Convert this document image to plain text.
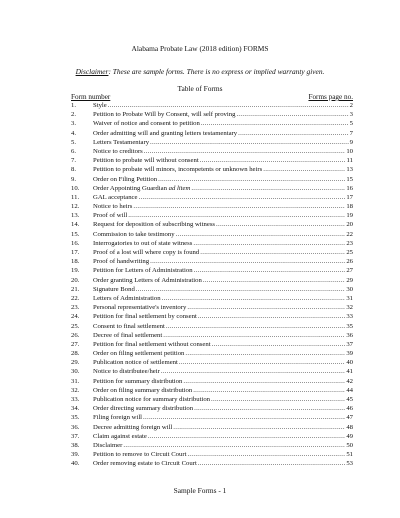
Alabama Probate Law (2018 edition) FORMS
Disclaimer: These are sample forms. There is no express or implied warranty given.
Table of Forms
Form number	Forms page no.
1.	Style .....	2
2.	Petition to Probate Will by Consent, will self proving .....	3
3.	Waiver of notice and consent to petition .....	5
4.	Order admitting will and granting letters testamentary .....	7
5.	Letters Testamentary .....	9
6.	Notice to creditors .....	10
7.	Petition to probate will without consent .....	11
8.	Petition to probate will minors, incompetents or unknown heirs .....	13
9.	Order on Filing Petition .....	15
10.	Order Appointing Guardian ad litem .....	16
11.	GAL acceptance .....	17
12.	Notice to heirs .....	18
13.	Proof of will .....	19
14.	Request for deposition of subscribing witness .....	20
15.	Commission to take testimony .....	22
16.	Interrogatories to out of state witness .....	23
17.	Proof of a lost will where copy is found .....	25
18.	Proof of handwriting .....	26
19.	Petition for Letters of Administration .....	27
20.	Order granting Letters of Administration .....	29
21.	Signature Bond .....	30
22.	Letters of Administration .....	31
23.	Personal representative's inventory .....	32
24.	Petition for final settlement by consent .....	33
25.	Consent to final settlement .....	35
26.	Decree of final settlement .....	36
27.	Petition for final settlement without consent .....	37
28.	Order on filing settlement petition .....	39
29.	Publication notice of settlement .....	40
30.	Notice to distributee/heir .....	41
31.	Petition for summary distribution .....	42
32.	Order on filing summary distribution .....	44
33.	Publication notice for summary distribution .....	45
34.	Order directing summary distribution .....	46
35.	Filing foreign will .....	47
36.	Decree admitting foreign will .....	48
37.	Claim against estate .....	49
38.	Disclaimer .....	50
39.	Petition to remove to Circuit Court .....	51
40.	Order removing estate to Circuit Court .....	53
Sample Forms - 1
